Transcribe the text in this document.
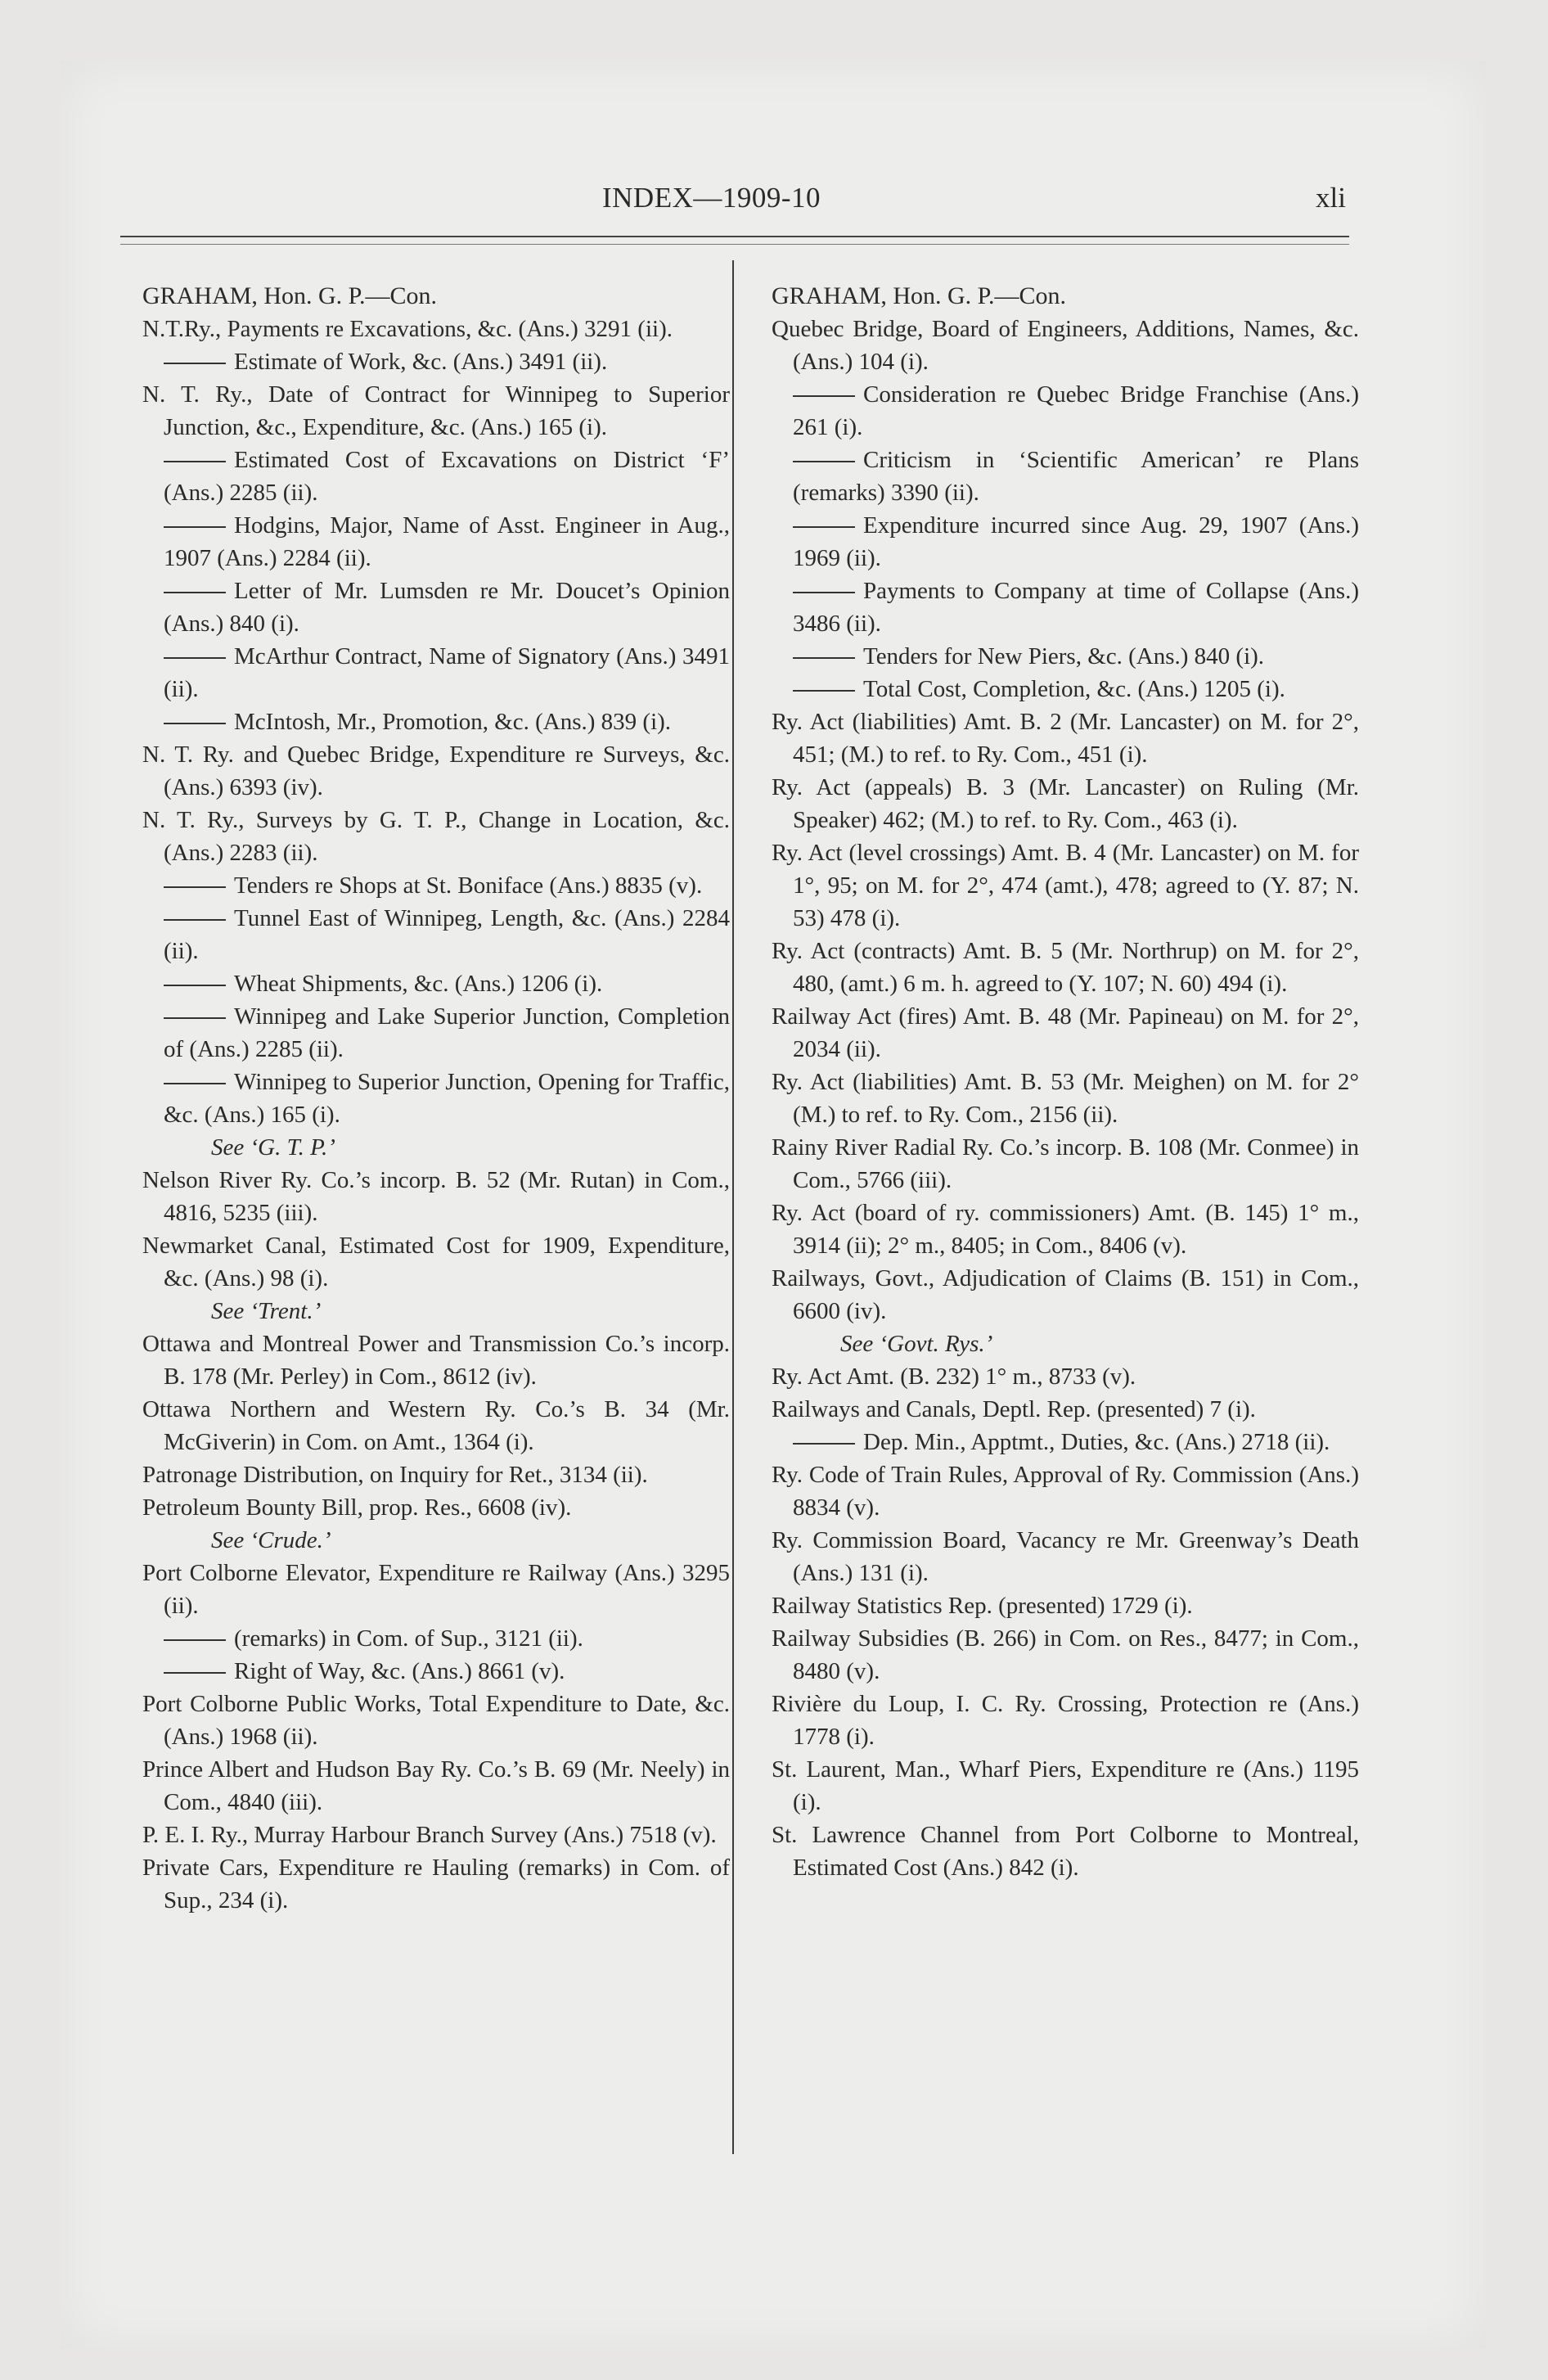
INDEX—1909-10	xli
GRAHAM, Hon. G. P.—Con.
N.T.Ry., Payments re Excavations, &c. (Ans.) 3291 (ii).
Estimate of Work, &c. (Ans.) 3491 (ii).
N. T. Ry., Date of Contract for Winnipeg to Superior Junction, &c., Expenditure, &c. (Ans.) 165 (i).
Estimated Cost of Excavations on District ‘F’ (Ans.) 2285 (ii).
Hodgins, Major, Name of Asst. Engineer in Aug., 1907 (Ans.) 2284 (ii).
Letter of Mr. Lumsden re Mr. Doucet’s Opinion (Ans.) 840 (i).
McArthur Contract, Name of Signatory (Ans.) 3491 (ii).
McIntosh, Mr., Promotion, &c. (Ans.) 839 (i).
N. T. Ry. and Quebec Bridge, Expenditure re Surveys, &c. (Ans.) 6393 (iv).
N. T. Ry., Surveys by G. T. P., Change in Location, &c. (Ans.) 2283 (ii).
Tenders re Shops at St. Boniface (Ans.) 8835 (v).
Tunnel East of Winnipeg, Length, &c. (Ans.) 2284 (ii).
Wheat Shipments, &c. (Ans.) 1206 (i).
Winnipeg and Lake Superior Junction, Completion of (Ans.) 2285 (ii).
Winnipeg to Superior Junction, Opening for Traffic, &c. (Ans.) 165 (i).
See ‘G. T. P.’
Nelson River Ry. Co.’s incorp. B. 52 (Mr. Rutan) in Com., 4816, 5235 (iii).
Newmarket Canal, Estimated Cost for 1909, Expenditure, &c. (Ans.) 98 (i).
See ‘Trent.’
Ottawa and Montreal Power and Transmission Co.’s incorp. B. 178 (Mr. Perley) in Com., 8612 (iv).
Ottawa Northern and Western Ry. Co.’s B. 34 (Mr. McGiverin) in Com. on Amt., 1364 (i).
Patronage Distribution, on Inquiry for Ret., 3134 (ii).
Petroleum Bounty Bill, prop. Res., 6608 (iv).
See ‘Crude.’
Port Colborne Elevator, Expenditure re Railway (Ans.) 3295 (ii).
(remarks) in Com. of Sup., 3121 (ii).
Right of Way, &c. (Ans.) 8661 (v).
Port Colborne Public Works, Total Expenditure to Date, &c. (Ans.) 1968 (ii).
Prince Albert and Hudson Bay Ry. Co.’s B. 69 (Mr. Neely) in Com., 4840 (iii).
P. E. I. Ry., Murray Harbour Branch Survey (Ans.) 7518 (v).
Private Cars, Expenditure re Hauling (remarks) in Com. of Sup., 234 (i).
GRAHAM, Hon. G. P.—Con.
Quebec Bridge, Board of Engineers, Additions, Names, &c. (Ans.) 104 (i).
Consideration re Quebec Bridge Franchise (Ans.) 261 (i).
Criticism in ‘Scientific American’ re Plans (remarks) 3390 (ii).
Expenditure incurred since Aug. 29, 1907 (Ans.) 1969 (ii).
Payments to Company at time of Collapse (Ans.) 3486 (ii).
Tenders for New Piers, &c. (Ans.) 840 (i).
Total Cost, Completion, &c. (Ans.) 1205 (i).
Ry. Act (liabilities) Amt. B. 2 (Mr. Lancaster) on M. for 2°, 451; (M.) to ref. to Ry. Com., 451 (i).
Ry. Act (appeals) B. 3 (Mr. Lancaster) on Ruling (Mr. Speaker) 462; (M.) to ref. to Ry. Com., 463 (i).
Ry. Act (level crossings) Amt. B. 4 (Mr. Lancaster) on M. for 1°, 95; on M. for 2°, 474 (amt.), 478; agreed to (Y. 87; N. 53) 478 (i).
Ry. Act (contracts) Amt. B. 5 (Mr. Northrup) on M. for 2°, 480, (amt.) 6 m. h. agreed to (Y. 107; N. 60) 494 (i).
Railway Act (fires) Amt. B. 48 (Mr. Papineau) on M. for 2°, 2034 (ii).
Ry. Act (liabilities) Amt. B. 53 (Mr. Meighen) on M. for 2° (M.) to ref. to Ry. Com., 2156 (ii).
Rainy River Radial Ry. Co.’s incorp. B. 108 (Mr. Conmee) in Com., 5766 (iii).
Ry. Act (board of ry. commissioners) Amt. (B. 145) 1° m., 3914 (ii); 2° m., 8405; in Com., 8406 (v).
Railways, Govt., Adjudication of Claims (B. 151) in Com., 6600 (iv).
See ‘Govt. Rys.’
Ry. Act Amt. (B. 232) 1° m., 8733 (v).
Railways and Canals, Deptl. Rep. (presented) 7 (i).
Dep. Min., Apptmt., Duties, &c. (Ans.) 2718 (ii).
Ry. Code of Train Rules, Approval of Ry. Commission (Ans.) 8834 (v).
Ry. Commission Board, Vacancy re Mr. Greenway’s Death (Ans.) 131 (i).
Railway Statistics Rep. (presented) 1729 (i).
Railway Subsidies (B. 266) in Com. on Res., 8477; in Com., 8480 (v).
Rivière du Loup, I. C. Ry. Crossing, Protection re (Ans.) 1778 (i).
St. Laurent, Man., Wharf Piers, Expenditure re (Ans.) 1195 (i).
St. Lawrence Channel from Port Colborne to Montreal, Estimated Cost (Ans.) 842 (i).
